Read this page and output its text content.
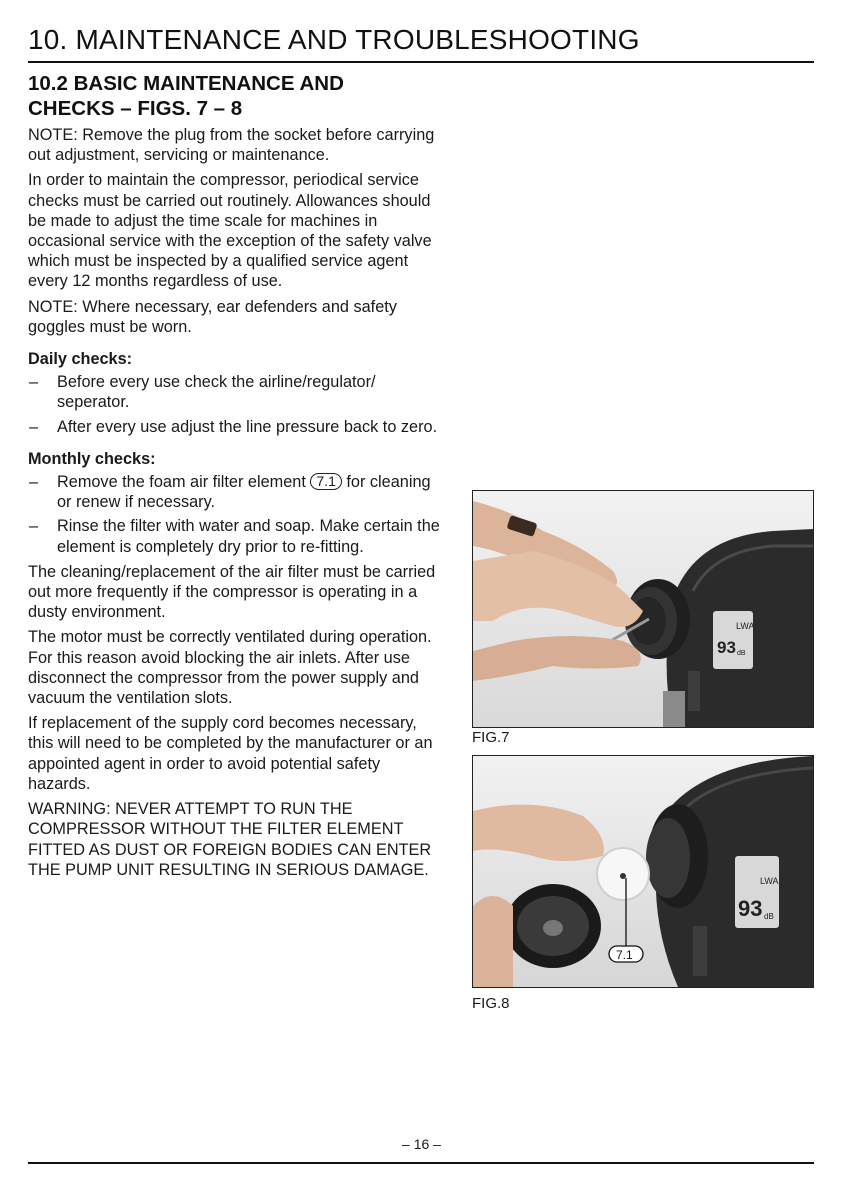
10. MAINTENANCE AND TROUBLESHOOTING
10.2 BASIC MAINTENANCE AND
CHECKS – FIGS. 7 – 8

NOTE: Remove the plug from the socket before carrying out adjustment, servicing or maintenance.

In order to maintain the compressor, periodical service checks must be carried out routinely. Allowances should be made to adjust the time scale for machines in occasional service with the exception of the safety valve which must be inspected by a qualified service agent every 12 months regardless of use.

NOTE: Where necessary, ear defenders and safety goggles must be worn.

Daily checks:
– Before every use check the airline/regulator/ seperator.
– After every use adjust the line pressure back to zero.
Monthly checks:
– Remove the foam air filter element 7.1 for cleaning or renew if necessary.
– Rinse the filter with water and soap. Make certain the element is completely dry prior to re-fitting.

The cleaning/replacement of the air filter must be carried out more frequently if the compressor is operating in a dusty environment.

The motor must be correctly ventilated during operation. For this reason avoid blocking the air inlets. After use disconnect the compressor from the power supply and vacuum the ventilation slots.

If replacement of the supply cord becomes necessary, this will need to be completed by the manufacturer or an appointed agent in order to avoid potential safety hazards.

WARNING: NEVER ATTEMPT TO RUN THE COMPRESSOR WITHOUT THE FILTER ELEMENT FITTED AS DUST OR FOREIGN BODIES CAN ENTER THE PUMP UNIT RESULTING IN SERIOUS DAMAGE.

LWA
93 dB
FIG.7
LWA
93 dB
7.1
FIG.8
– 16 –
